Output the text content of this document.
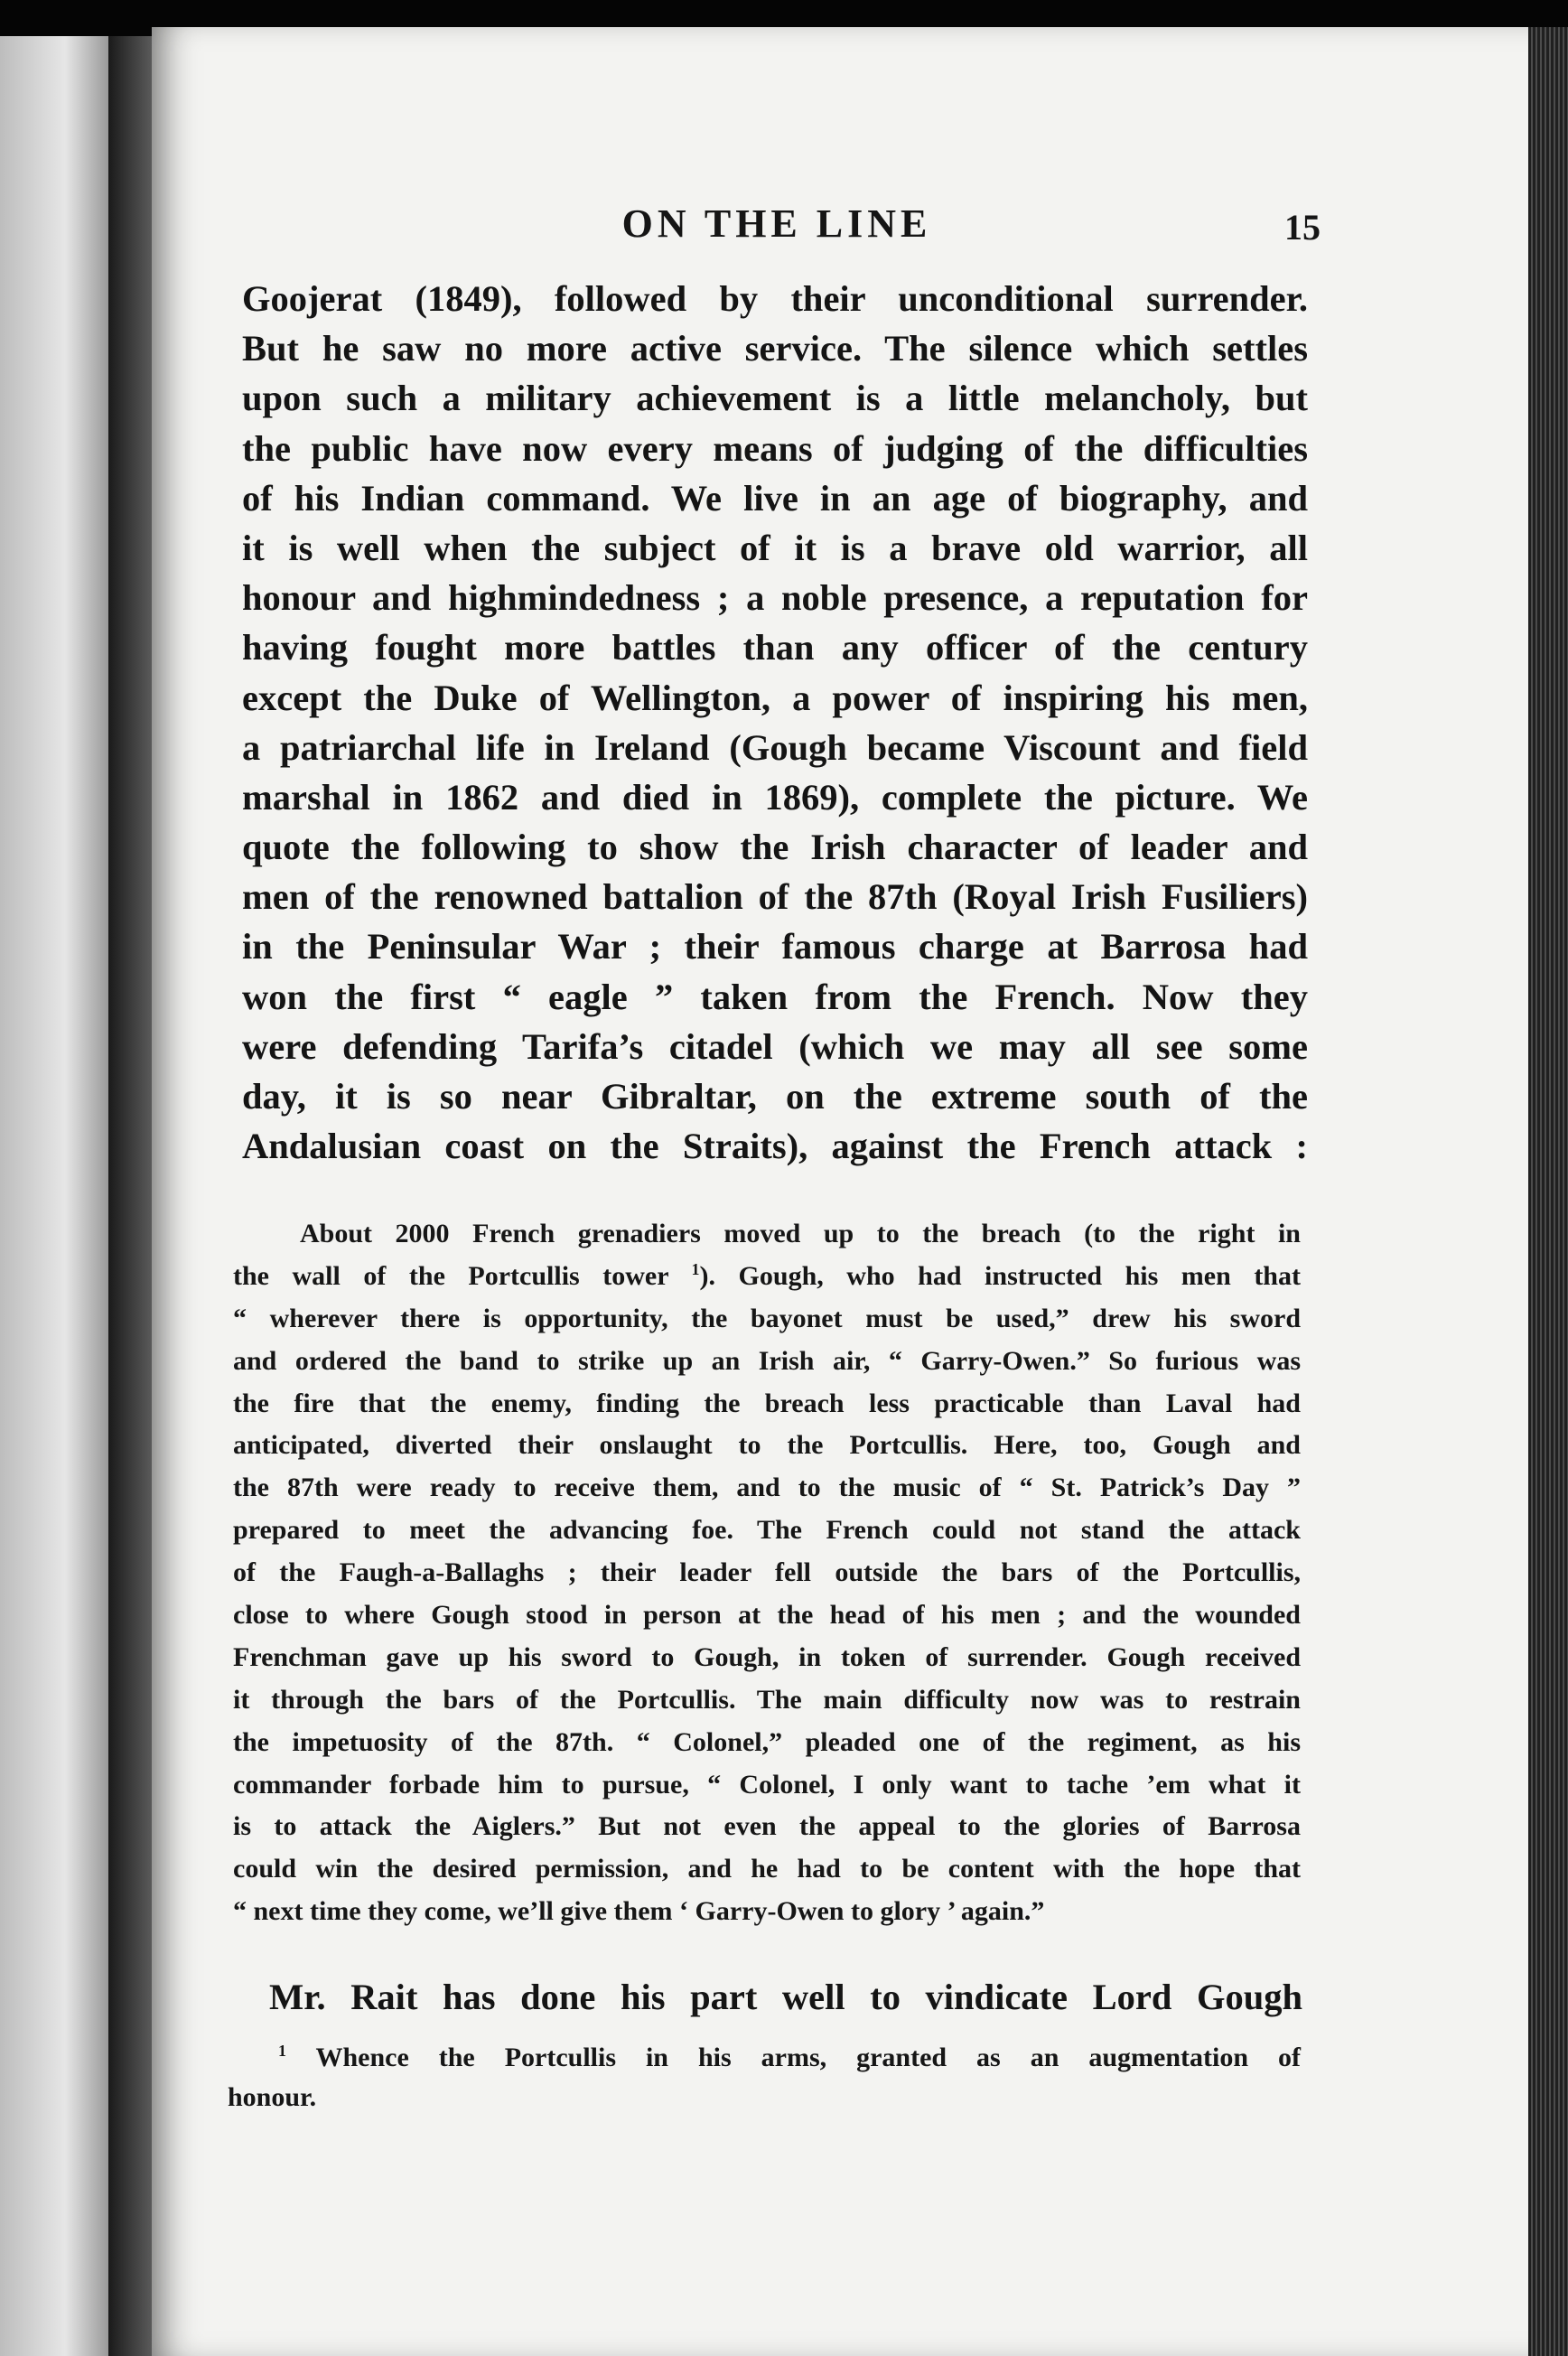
ON THE LINE	15
Goojerat (1849), followed by their unconditional surrender.
But he saw no more active service. The silence which settles
upon such a military achievement is a little melancholy, but
the public have now every means of judging of the difficulties
of his Indian command. We live in an age of biography, and
it is well when the subject of it is a brave old warrior, all
honour and highmindedness ; a noble presence, a reputation for
having fought more battles than any officer of the century
except the Duke of Wellington, a power of inspiring his men,
a patriarchal life in Ireland (Gough became Viscount and field
marshal in 1862 and died in 1869), complete the picture. We
quote the following to show the Irish character of leader and
men of the renowned battalion of the 87th (Royal Irish Fusiliers)
in the Peninsular War ; their famous charge at Barrosa had
won the first “ eagle ” taken from the French. Now they
were defending Tarifa’s citadel (which we may all see some
day, it is so near Gibraltar, on the extreme south of the
Andalusian coast on the Straits), against the French attack :
About 2000 French grenadiers moved up to the breach (to the right in
the wall of the Portcullis tower $^1$). Gough, who had instructed his men that
“ wherever there is opportunity, the bayonet must be used,” drew his sword
and ordered the band to strike up an Irish air, “ Garry-Owen.” So furious was
the fire that the enemy, finding the breach less practicable than Laval had
anticipated, diverted their onslaught to the Portcullis. Here, too, Gough and
the 87th were ready to receive them, and to the music of “ St. Patrick’s Day ”
prepared to meet the advancing foe. The French could not stand the attack
of the Faugh-a-Ballaghs ; their leader fell outside the bars of the Portcullis,
close to where Gough stood in person at the head of his men ; and the wounded
Frenchman gave up his sword to Gough, in token of surrender. Gough received
it through the bars of the Portcullis. The main difficulty now was to restrain
the impetuosity of the 87th. “ Colonel,” pleaded one of the regiment, as his
commander forbade him to pursue, “ Colonel, I only want to tache ’em what it
is to attack the Aiglers.” But not even the appeal to the glories of Barrosa
could win the desired permission, and he had to be content with the hope that
“ next time they come, we’ll give them ‘ Garry-Owen to glory ’ again.”
Mr. Rait has done his part well to vindicate Lord Gough
$^1$ Whence the Portcullis in his arms, granted as an augmentation of
honour.
